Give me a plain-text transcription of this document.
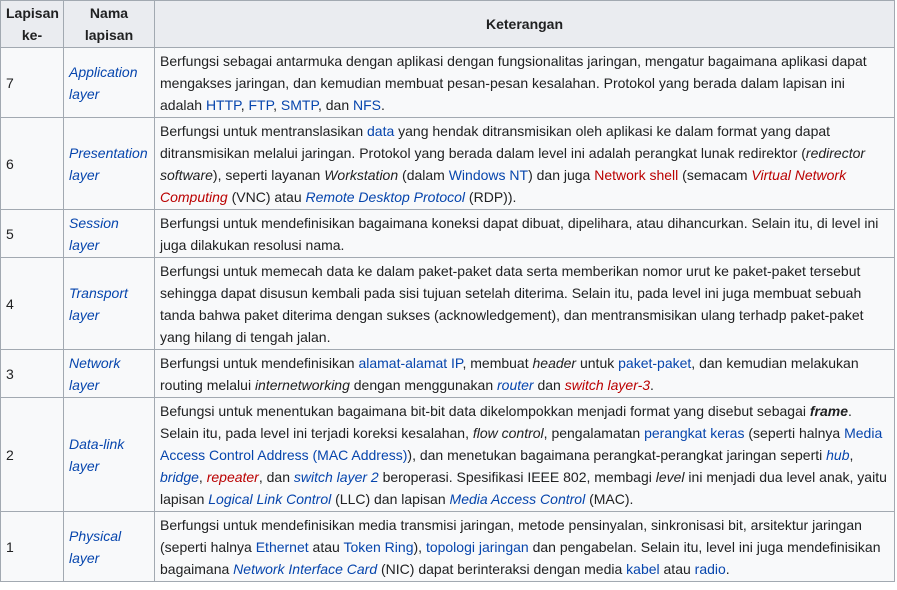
Lapisan ke-	Nama lapisan	Keterangan
7	Application layer	Berfungsi sebagai antarmuka dengan aplikasi dengan fungsionalitas jaringan, mengatur bagaimana aplikasi dapat mengakses jaringan, dan kemudian membuat pesan-pesan kesalahan. Protokol yang berada dalam lapisan ini adalah HTTP, FTP, SMTP, dan NFS.
6	Presentation layer	Berfungsi untuk mentranslasikan data yang hendak ditransmisikan oleh aplikasi ke dalam format yang dapat ditransmisikan melalui jaringan. Protokol yang berada dalam level ini adalah perangkat lunak redirektor (redirector software), seperti layanan Workstation (dalam Windows NT) dan juga Network shell (semacam Virtual Network Computing (VNC) atau Remote Desktop Protocol (RDP)).
5	Session layer	Berfungsi untuk mendefinisikan bagaimana koneksi dapat dibuat, dipelihara, atau dihancurkan. Selain itu, di level ini juga dilakukan resolusi nama.
4	Transport layer	Berfungsi untuk memecah data ke dalam paket-paket data serta memberikan nomor urut ke paket-paket tersebut sehingga dapat disusun kembali pada sisi tujuan setelah diterima. Selain itu, pada level ini juga membuat sebuah tanda bahwa paket diterima dengan sukses (acknowledgement), dan mentransmisikan ulang terhadp paket-paket yang hilang di tengah jalan.
3	Network layer	Berfungsi untuk mendefinisikan alamat-alamat IP, membuat header untuk paket-paket, dan kemudian melakukan routing melalui internetworking dengan menggunakan router dan switch layer-3.
2	Data-link layer	Befungsi untuk menentukan bagaimana bit-bit data dikelompokkan menjadi format yang disebut sebagai frame. Selain itu, pada level ini terjadi koreksi kesalahan, flow control, pengalamatan perangkat keras (seperti halnya Media Access Control Address (MAC Address)), dan menetukan bagaimana perangkat-perangkat jaringan seperti hub, bridge, repeater, dan switch layer 2 beroperasi. Spesifikasi IEEE 802, membagi level ini menjadi dua level anak, yaitu lapisan Logical Link Control (LLC) dan lapisan Media Access Control (MAC).
1	Physical layer	Berfungsi untuk mendefinisikan media transmisi jaringan, metode pensinyalan, sinkronisasi bit, arsitektur jaringan (seperti halnya Ethernet atau Token Ring), topologi jaringan dan pengabelan. Selain itu, level ini juga mendefinisikan bagaimana Network Interface Card (NIC) dapat berinteraksi dengan media kabel atau radio.
